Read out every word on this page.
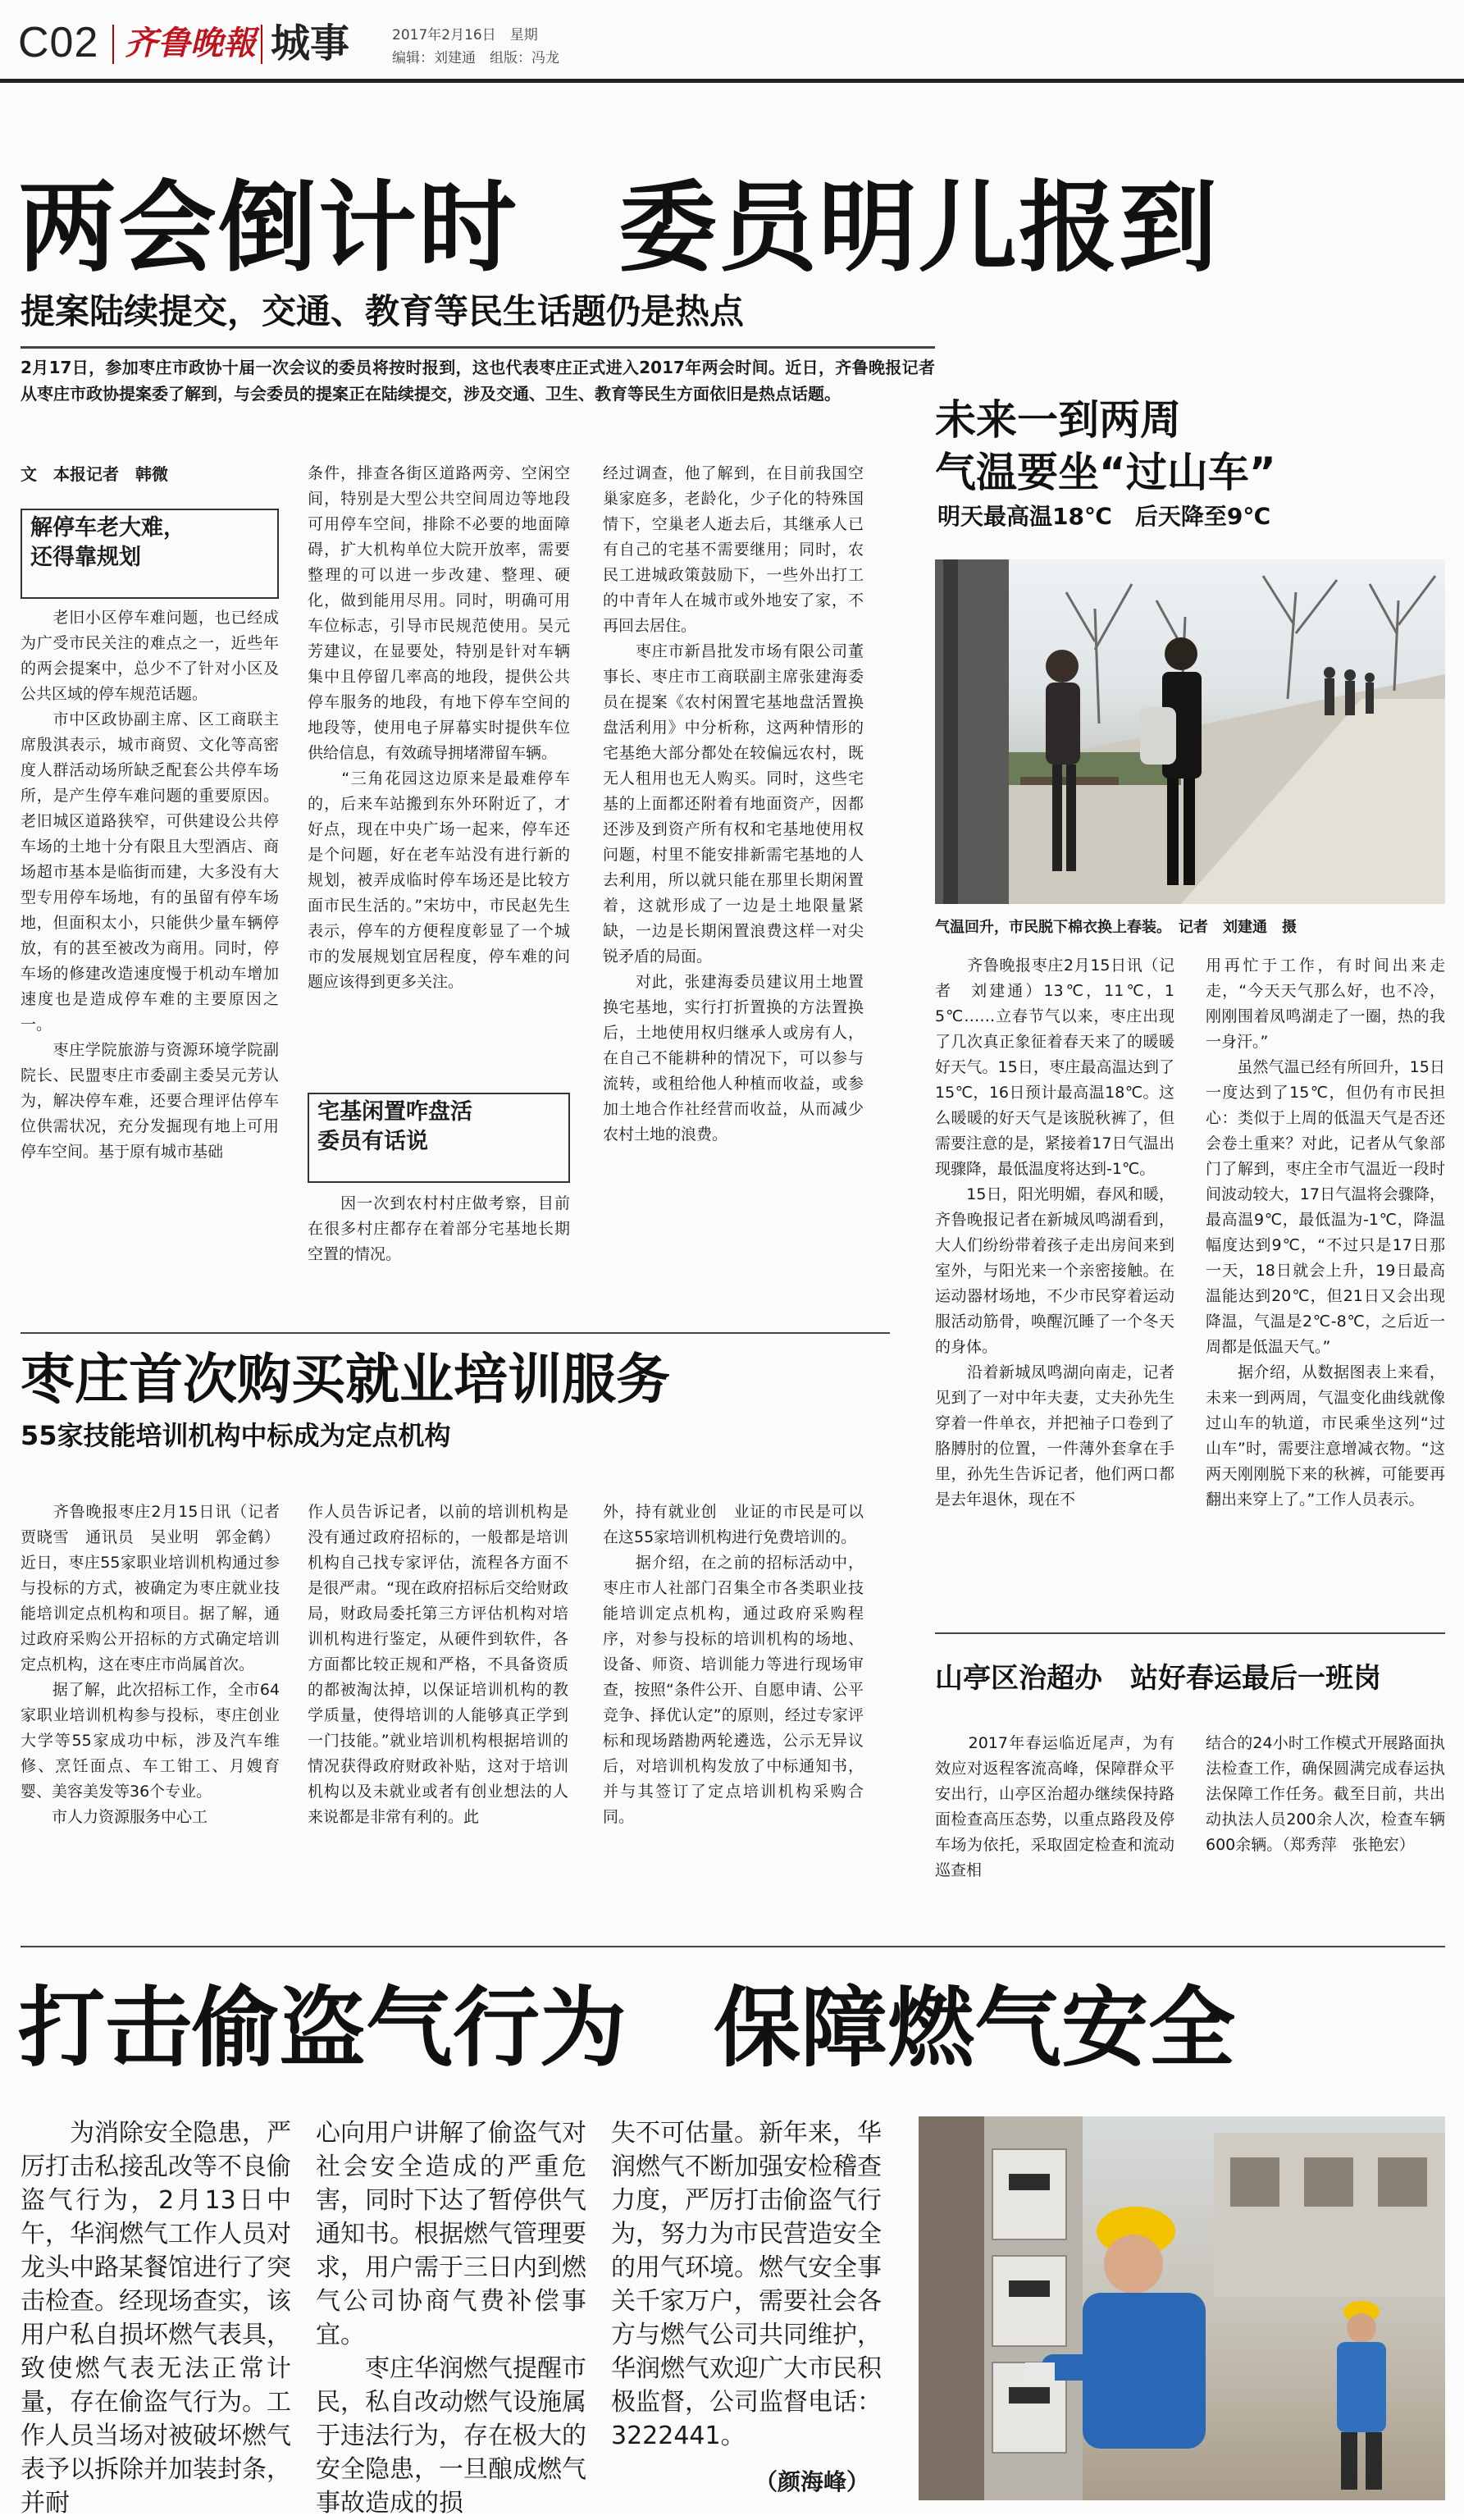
C02 齐鲁晚報 城事	2017年2月16日　星期
编辑：刘建通　组版：冯龙
两会倒计时　委员明儿报到
提案陆续提交，交通、教育等民生话题仍是热点
2月17日，参加枣庄市政协十届一次会议的委员将按时报到，这也代表枣庄正式进入2017年两会时间。近日，齐鲁晚报记者从枣庄市政协提案委了解到，与会委员的提案正在陆续提交，涉及交通、卫生、教育等民生方面依旧是热点话题。
文　本报记者　韩微
解停车老大难，
还得靠规划
　　老旧小区停车难问题，也已经成为广受市民关注的难点之一，近些年的两会提案中，总少不了针对小区及公共区域的停车规范话题。
　　市中区政协副主席、区工商联主席殷淇表示，城市商贸、文化等高密度人群活动场所缺乏配套公共停车场所，是产生停车难问题的重要原因。老旧城区道路狭窄，可供建设公共停车场的土地十分有限且大型酒店、商场超市基本是临街而建，大多没有大型专用停车场地，有的虽留有停车场地，但面积太小，只能供少量车辆停放，有的甚至被改为商用。同时，停车场的修建改造速度慢于机动车增加速度也是造成停车难的主要原因之一。
　　枣庄学院旅游与资源环境学院副院长、民盟枣庄市委副主委吴元芳认为，解决停车难，还要合理评估停车位供需状况，充分发掘现有地上可用停车空间。基于原有城市基础
条件，排查各街区道路两旁、空闲空间，特别是大型公共空间周边等地段可用停车空间，排除不必要的地面障碍，扩大机构单位大院开放率，需要整理的可以进一步改建、整理、硬化，做到能用尽用。同时，明确可用车位标志，引导市民规范使用。吴元芳建议，在显要处，特别是针对车辆集中且停留几率高的地段，提供公共停车服务的地段，有地下停车空间的地段等，使用电子屏幕实时提供车位供给信息，有效疏导拥堵滞留车辆。
　　“三角花园这边原来是最难停车的，后来车站搬到东外环附近了，才好点，现在中央广场一起来，停车还是个问题，好在老车站没有进行新的规划，被弄成临时停车场还是比较方面市民生活的。”宋坊中，市民赵先生表示，停车的方便程度彰显了一个城市的发展规划宜居程度，停车难的问题应该得到更多关注。
宅基闲置咋盘活
委员有话说
　　因一次到农村村庄做考察，目前在很多村庄都存在着部分宅基地长期空置的情况。
经过调查，他了解到，在目前我国空巢家庭多，老龄化，少子化的特殊国情下，空巢老人逝去后，其继承人已有自己的宅基不需要继用；同时，农民工进城政策鼓励下，一些外出打工的中青年人在城市或外地安了家，不再回去居住。
　　枣庄市新昌批发市场有限公司董事长、枣庄市工商联副主席张建海委员在提案《农村闲置宅基地盘活置换盘活利用》中分析称，这两种情形的宅基绝大部分都处在较偏远农村，既无人租用也无人购买。同时，这些宅基的上面都还附着有地面资产，因都还涉及到资产所有权和宅基地使用权问题，村里不能安排新需宅基地的人去利用，所以就只能在那里长期闲置着，这就形成了一边是土地限量紧缺，一边是长期闲置浪费这样一对尖锐矛盾的局面。
　　对此，张建海委员建议用土地置换宅基地，实行打折置换的方法置换后，土地使用权归继承人或房有人，在自己不能耕种的情况下，可以参与流转，或租给他人种植而收益，或参加土地合作社经营而收益，从而减少农村土地的浪费。
未来一到两周
气温要坐“过山车”
明天最高温18℃　后天降至9℃
气温回升，市民脱下棉衣换上春装。　记者　刘建通　摄
　　齐鲁晚报枣庄2月15日讯（记者　刘建通）13℃，11℃，15℃……立春节气以来，枣庄出现了几次真正象征着春天来了的暖暖好天气。15日，枣庄最高温达到了15℃，16日预计最高温18℃。这么暖暖的好天气是该脱秋裤了，但需要注意的是，紧接着17日气温出现骤降，最低温度将达到-1℃。
　　15日，阳光明媚，春风和暖，齐鲁晚报记者在新城凤鸣湖看到，大人们纷纷带着孩子走出房间来到室外，与阳光来一个亲密接触。在运动器材场地，不少市民穿着运动服活动筋骨，唤醒沉睡了一个冬天的身体。
　　沿着新城凤鸣湖向南走，记者见到了一对中年夫妻，丈夫孙先生穿着一件单衣，并把袖子口卷到了胳膊肘的位置，一件薄外套拿在手里，孙先生告诉记者，他们两口都是去年退休，现在不
用再忙于工作，有时间出来走走，“今天天气那么好，也不冷，刚刚围着凤鸣湖走了一圈，热的我一身汗。”
　　虽然气温已经有所回升，15日一度达到了15℃，但仍有市民担心：类似于上周的低温天气是否还会卷土重来？对此，记者从气象部门了解到，枣庄全市气温近一段时间波动较大，17日气温将会骤降，最高温9℃，最低温为-1℃，降温幅度达到9℃，“不过只是17日那一天，18日就会上升，19日最高温能达到20℃，但21日又会出现降温，气温是2℃-8℃，之后近一周都是低温天气。”
　　据介绍，从数据图表上来看，未来一到两周，气温变化曲线就像过山车的轨道，市民乘坐这列“过山车”时，需要注意增减衣物。“这两天刚刚脱下来的秋裤，可能要再翻出来穿上了。”工作人员表示。
枣庄首次购买就业培训服务
55家技能培训机构中标成为定点机构
　　齐鲁晚报枣庄2月15日讯（记者　贾晓雪　通讯员　吴业明　郭金鹤）近日，枣庄55家职业培训机构通过参与投标的方式，被确定为枣庄就业技能培训定点机构和项目。据了解，通过政府采购公开招标的方式确定培训定点机构，这在枣庄市尚属首次。
　　据了解，此次招标工作，全市64家职业培训机构参与投标，枣庄创业大学等55家成功中标，涉及汽车维修、烹饪面点、车工钳工、月嫂育婴、美容美发等36个专业。
　　市人力资源服务中心工
作人员告诉记者，以前的培训机构是没有通过政府招标的，一般都是培训机构自己找专家评估，流程各方面不是很严肃。“现在政府招标后交给财政局，财政局委托第三方评估机构对培训机构进行鉴定，从硬件到软件，各方面都比较正规和严格，不具备资质的都被淘汰掉，以保证培训机构的教学质量，使得培训的人能够真正学到一门技能。”就业培训机构根据培训的情况获得政府财政补贴，这对于培训机构以及未就业或者有创业想法的人来说都是非常有利的。此
外，持有就业创　业证的市民是可以在这55家培训机构进行免费培训的。
　　据介绍，在之前的招标活动中，枣庄市人社部门召集全市各类职业技能培训定点机构，通过政府采购程序，对参与投标的培训机构的场地、设备、师资、培训能力等进行现场审查，按照“条件公开、自愿申请、公平竞争、择优认定”的原则，经过专家评标和现场踏勘两轮遴选，公示无异议后，对培训机构发放了中标通知书，并与其签订了定点培训机构采购合同。
山亭区治超办　站好春运最后一班岗
　　2017年春运临近尾声，为有效应对返程客流高峰，保障群众平安出行，山亭区治超办继续保持路面检查高压态势，以重点路段及停车场为依托，采取固定检查和流动巡查相
结合的24小时工作模式开展路面执法检查工作，确保圆满完成春运执法保障工作任务。截至目前，共出动执法人员200余人次，检查车辆600余辆。（郑秀萍　张艳宏）
打击偷盗气行为　保障燃气安全
　　为消除安全隐患，严厉打击私接乱改等不良偷盗气行为，2月13日中午，华润燃气工作人员对龙头中路某餐馆进行了突击检查。经现场查实，该用户私自损坏燃气表具，致使燃气表无法正常计量，存在偷盗气行为。工作人员当场对被破坏燃气表予以拆除并加装封条，并耐
心向用户讲解了偷盗气对社会安全造成的严重危害，同时下达了暂停供气通知书。根据燃气管理要求，用户需于三日内到燃气公司协商气费补偿事宜。
　　枣庄华润燃气提醒市民，私自改动燃气设施属于违法行为，存在极大的安全隐患，一旦酿成燃气事故造成的损
失不可估量。新年来，华润燃气不断加强安检稽查力度，严厉打击偷盗气行为，努力为市民营造安全的用气环境。燃气安全事关千家万户，需要社会各方与燃气公司共同维护，华润燃气欢迎广大市民积极监督，公司监督电话：3222441。
（颜海峰）
